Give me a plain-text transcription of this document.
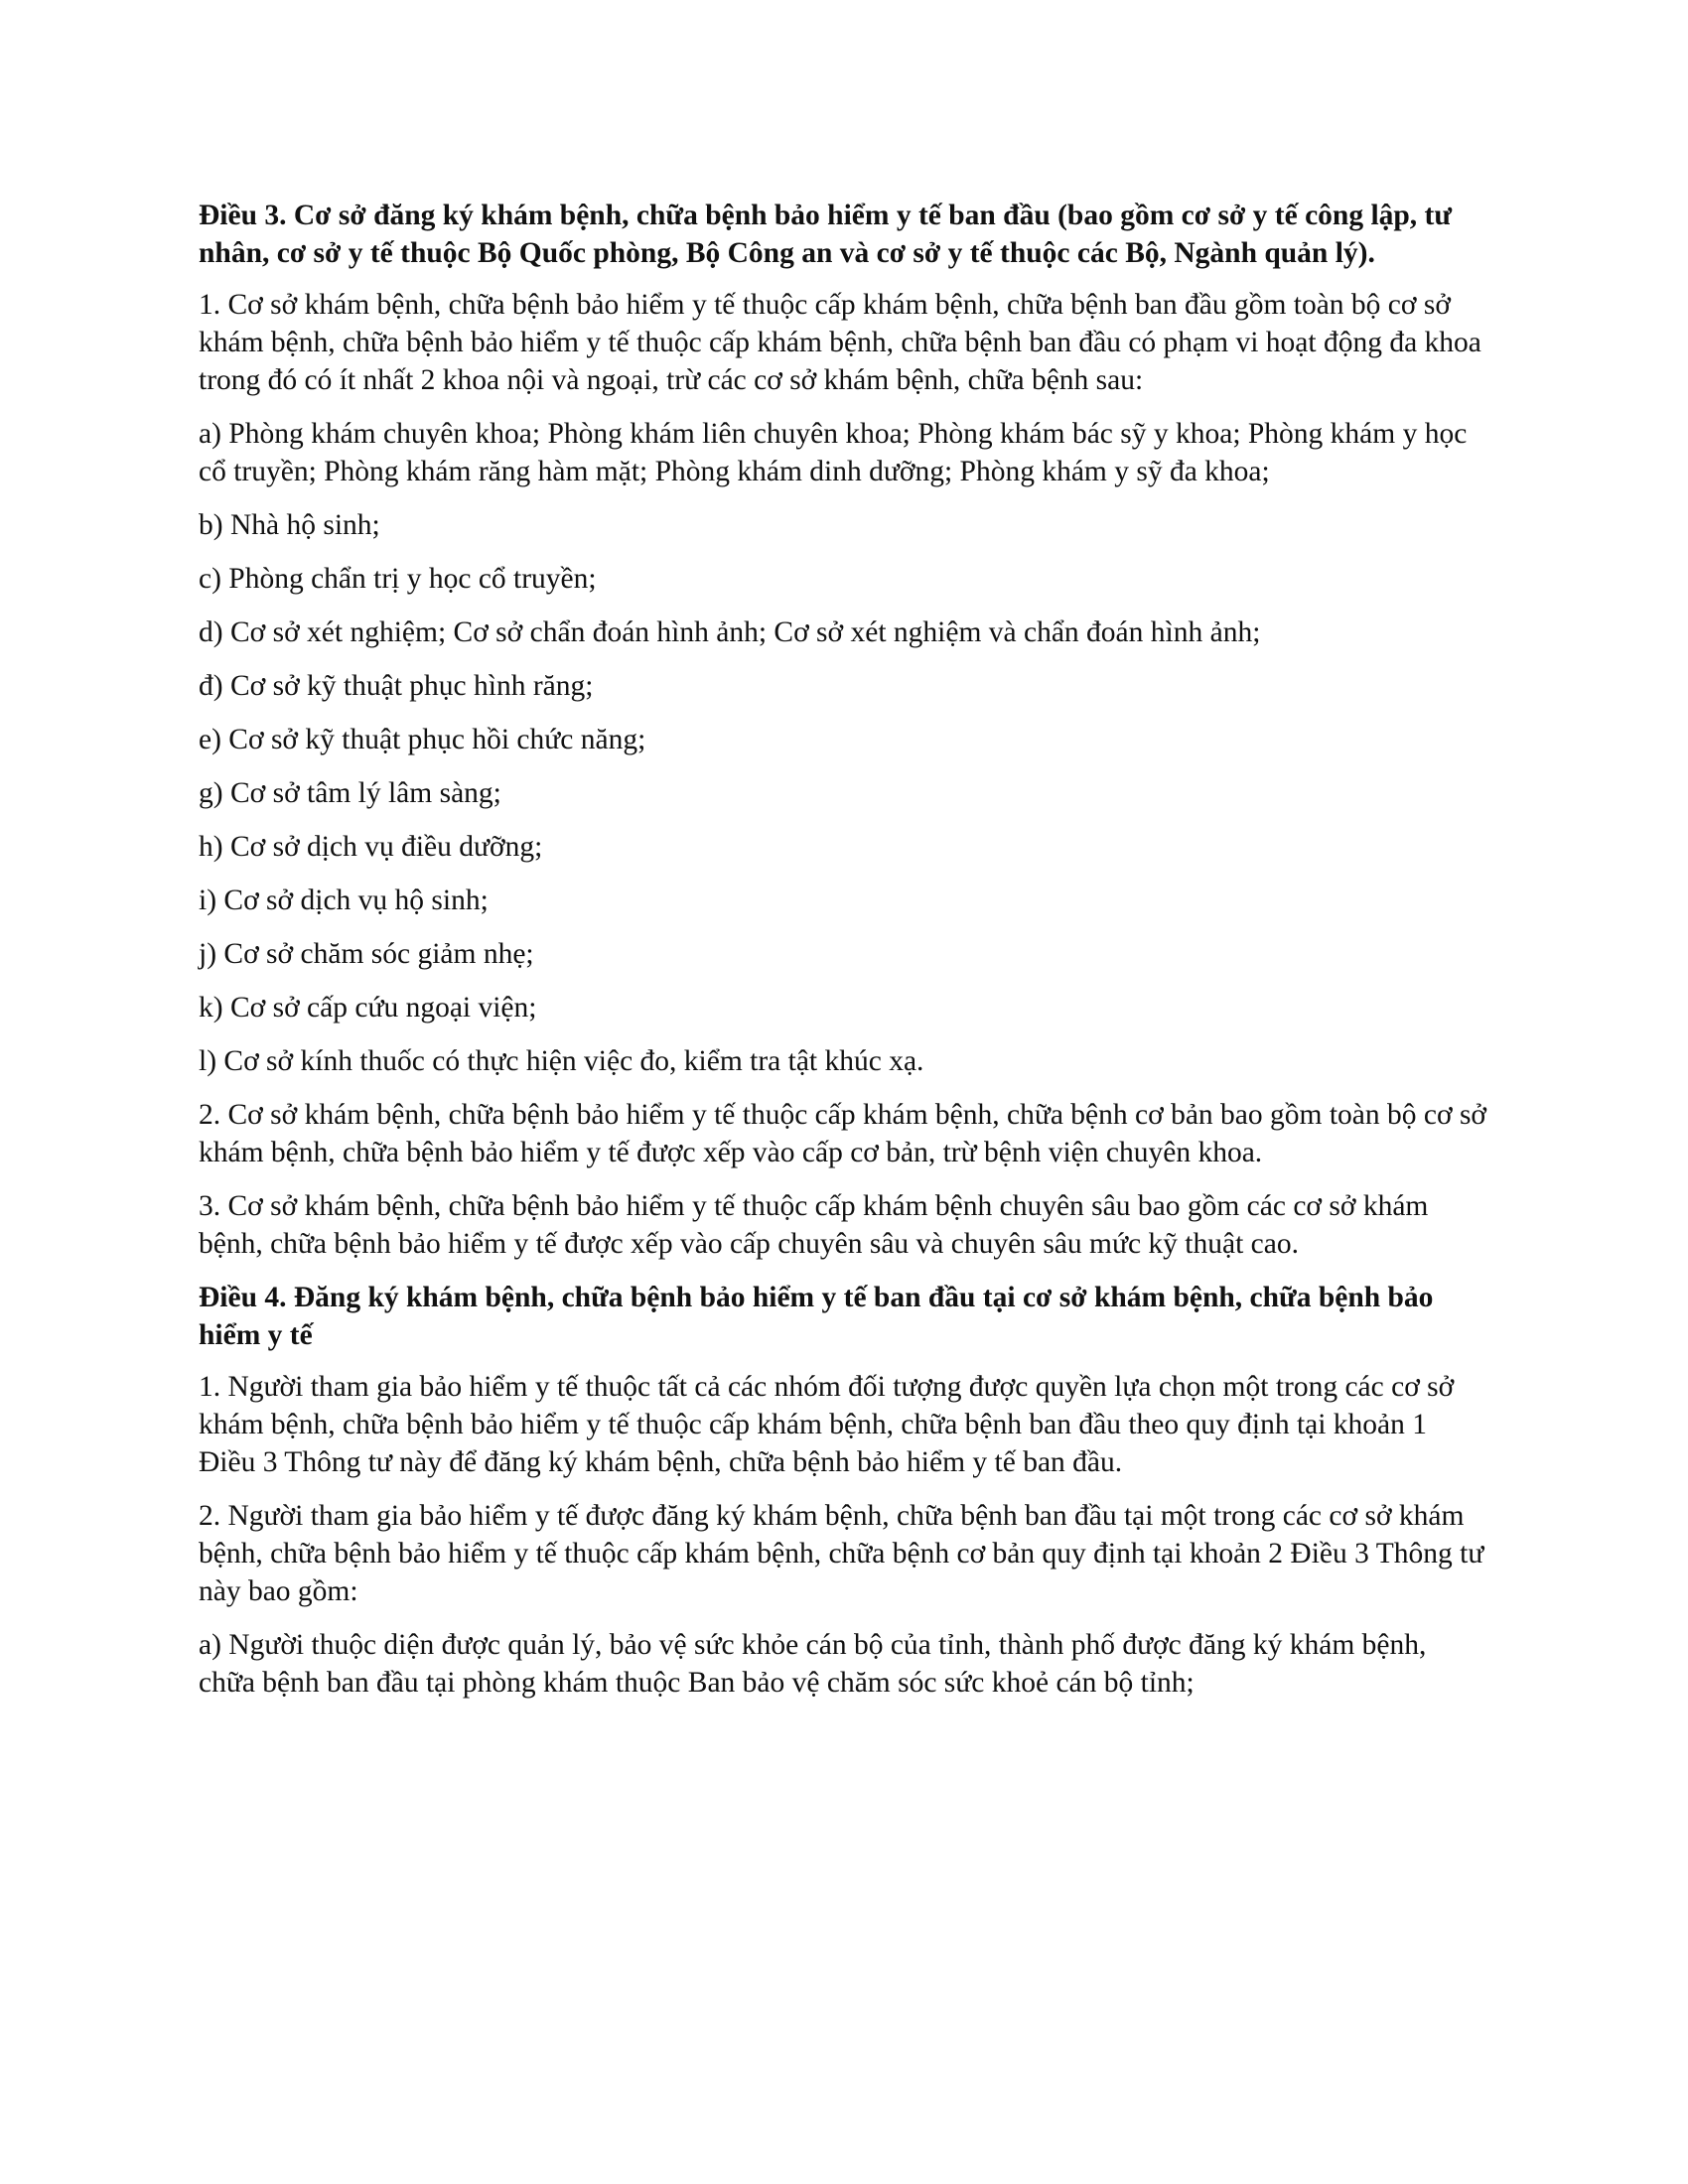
Điều 3. Cơ sở đăng ký khám bệnh, chữa bệnh bảo hiểm y tế ban đầu (bao gồm cơ sở y tế công lập, tư nhân, cơ sở y tế thuộc Bộ Quốc phòng, Bộ Công an và cơ sở y tế thuộc các Bộ, Ngành quản lý).

1. Cơ sở khám bệnh, chữa bệnh bảo hiểm y tế thuộc cấp khám bệnh, chữa bệnh ban đầu gồm toàn bộ cơ sở khám bệnh, chữa bệnh bảo hiểm y tế thuộc cấp khám bệnh, chữa bệnh ban đầu có phạm vi hoạt động đa khoa trong đó có ít nhất 2 khoa nội và ngoại, trừ các cơ sở khám bệnh, chữa bệnh sau:

a) Phòng khám chuyên khoa; Phòng khám liên chuyên khoa; Phòng khám bác sỹ y khoa; Phòng khám y học cổ truyền; Phòng khám răng hàm mặt; Phòng khám dinh dưỡng; Phòng khám y sỹ đa khoa;

b) Nhà hộ sinh;

c) Phòng chẩn trị y học cổ truyền;

d) Cơ sở xét nghiệm; Cơ sở chẩn đoán hình ảnh; Cơ sở xét nghiệm và chẩn đoán hình ảnh;

đ) Cơ sở kỹ thuật phục hình răng;

e) Cơ sở kỹ thuật phục hồi chức năng;

g) Cơ sở tâm lý lâm sàng;

h) Cơ sở dịch vụ điều dưỡng;

i) Cơ sở dịch vụ hộ sinh;

j) Cơ sở chăm sóc giảm nhẹ;

k) Cơ sở cấp cứu ngoại viện;

l) Cơ sở kính thuốc có thực hiện việc đo, kiểm tra tật khúc xạ.

2. Cơ sở khám bệnh, chữa bệnh bảo hiểm y tế thuộc cấp khám bệnh, chữa bệnh cơ bản bao gồm toàn bộ cơ sở khám bệnh, chữa bệnh bảo hiểm y tế được xếp vào cấp cơ bản, trừ bệnh viện chuyên khoa.

3. Cơ sở khám bệnh, chữa bệnh bảo hiểm y tế thuộc cấp khám bệnh chuyên sâu bao gồm các cơ sở khám bệnh, chữa bệnh bảo hiểm y tế được xếp vào cấp chuyên sâu và chuyên sâu mức kỹ thuật cao.

Điều 4. Đăng ký khám bệnh, chữa bệnh bảo hiểm y tế ban đầu tại cơ sở khám bệnh, chữa bệnh bảo hiểm y tế

1. Người tham gia bảo hiểm y tế thuộc tất cả các nhóm đối tượng được quyền lựa chọn một trong các cơ sở khám bệnh, chữa bệnh bảo hiểm y tế thuộc cấp khám bệnh, chữa bệnh ban đầu theo quy định tại khoản 1 Điều 3 Thông tư này để đăng ký khám bệnh, chữa bệnh bảo hiểm y tế ban đầu.

2. Người tham gia bảo hiểm y tế được đăng ký khám bệnh, chữa bệnh ban đầu tại một trong các cơ sở khám bệnh, chữa bệnh bảo hiểm y tế thuộc cấp khám bệnh, chữa bệnh cơ bản quy định tại khoản 2 Điều 3 Thông tư này bao gồm:

a) Người thuộc diện được quản lý, bảo vệ sức khỏe cán bộ của tỉnh, thành phố được đăng ký khám bệnh, chữa bệnh ban đầu tại phòng khám thuộc Ban bảo vệ chăm sóc sức khoẻ cán bộ tỉnh;
